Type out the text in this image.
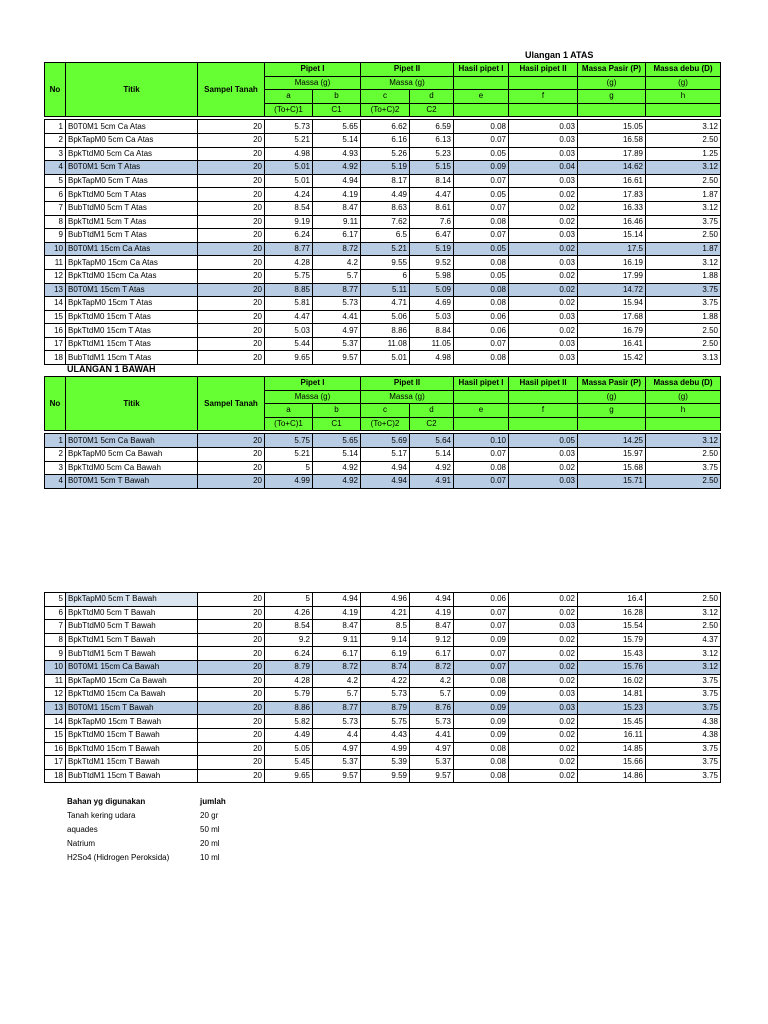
Ulangan 1 ATAS
No	Titik	Sampel Tanah	Pipet I		Pipet II		Hasil pipet I	Hasil pipet II	Massa Pasir (P)	Massa debu (D)
			Massa (g)		Massa (g)				(g)	(g)
			a	b	c	d	e	f	g	h
			(To+C)1	C1	(To+C)2	C2				

1	B0T0M1 5cm Ca Atas	20	5.73	5.65	6.62	6.59	0.08	0.03	15.05	3.12
2	BpkTapM0 5cm Ca Atas	20	5.21	5.14	6.16	6.13	0.07	0.03	16.58	2.50
3	BpkTtdM0 5cm Ca Atas	20	4.98	4.93	5.26	5.23	0.05	0.03	17.89	1.25
4	B0T0M1 5cm T Atas	20	5.01	4.92	5.19	5.15	0.09	0.04	14.62	3.12
5	BpkTapM0 5cm T Atas	20	5.01	4.94	8.17	8.14	0.07	0.03	16.61	2.50
6	BpkTtdM0 5cm T Atas	20	4.24	4.19	4.49	4.47	0.05	0.02	17.83	1.87
7	BubTtdM0 5cm T Atas	20	8.54	8.47	8.63	8.61	0.07	0.02	16.33	3.12
8	BpkTtdM1 5cm T Atas	20	9.19	9.11	7.62	7.6	0.08	0.02	16.46	3.75
9	BubTtdM1 5cm T Atas	20	6.24	6.17	6.5	6.47	0.07	0.03	15.14	2.50
10	B0T0M1 15cm Ca Atas	20	8.77	8.72	5.21	5.19	0.05	0.02	17.5	1.87
11	BpkTapM0 15cm Ca Atas	20	4.28	4.2	9.55	9.52	0.08	0.03	16.19	3.12
12	BpkTtdM0 15cm Ca Atas	20	5.75	5.7	6	5.98	0.05	0.02	17.99	1.88
13	B0T0M1 15cm T Atas	20	8.85	8.77	5.11	5.09	0.08	0.02	14.72	3.75
14	BpkTapM0 15cm T Atas	20	5.81	5.73	4.71	4.69	0.08	0.02	15.94	3.75
15	BpkTtdM0 15cm T Atas	20	4.47	4.41	5.06	5.03	0.06	0.03	17.68	1.88
16	BpkTtdM0 15cm T Atas	20	5.03	4.97	8.86	8.84	0.06	0.02	16.79	2.50
17	BpkTtdM1 15cm T Atas	20	5.44	5.37	11.08	11.05	0.07	0.03	16.41	2.50
18	BubTtdM1 15cm T Atas	20	9.65	9.57	5.01	4.98	0.08	0.03	15.42	3.13
ULANGAN 1 BAWAH
No	Titik	Sampel Tanah	Pipet I		Pipet II		Hasil pipet I	Hasil pipet II	Massa Pasir (P)	Massa debu (D)
			Massa (g)		Massa (g)				(g)	(g)
			a	b	c	d	e	f	g	h
			(To+C)1	C1	(To+C)2	C2				

1	B0T0M1 5cm Ca Bawah	20	5.75	5.65	5.69	5.64	0.10	0.05	14.25	3.12
2	BpkTapM0 5cm Ca Bawah	20	5.21	5.14	5.17	5.14	0.07	0.03	15.97	2.50
3	BpkTtdM0 5cm Ca Bawah	20	5	4.92	4.94	4.92	0.08	0.02	15.68	3.75
4	B0T0M1 5cm T Bawah	20	4.99	4.92	4.94	4.91	0.07	0.03	15.71	2.50
5	BpkTapM0 5cm T Bawah	20	5	4.94	4.96	4.94	0.06	0.02	16.4	2.50
6	BpkTtdM0 5cm T Bawah	20	4.26	4.19	4.21	4.19	0.07	0.02	16.28	3.12
7	BubTtdM0 5cm T Bawah	20	8.54	8.47	8.5	8.47	0.07	0.03	15.54	2.50
8	BpkTtdM1 5cm T Bawah	20	9.2	9.11	9.14	9.12	0.09	0.02	15.79	4.37
9	BubTtdM1 5cm T Bawah	20	6.24	6.17	6.19	6.17	0.07	0.02	15.43	3.12
10	B0T0M1 15cm Ca Bawah	20	8.79	8.72	8.74	8.72	0.07	0.02	15.76	3.12
11	BpkTapM0 15cm Ca Bawah	20	4.28	4.2	4.22	4.2	0.08	0.02	16.02	3.75
12	BpkTtdM0 15cm Ca Bawah	20	5.79	5.7	5.73	5.7	0.09	0.03	14.81	3.75
13	B0T0M1 15cm T Bawah	20	8.86	8.77	8.79	8.76	0.09	0.03	15.23	3.75
14	BpkTapM0 15cm T Bawah	20	5.82	5.73	5.75	5.73	0.09	0.02	15.45	4.38
15	BpkTtdM0 15cm T Bawah	20	4.49	4.4	4.43	4.41	0.09	0.02	16.11	4.38
16	BpkTtdM0 15cm T Bawah	20	5.05	4.97	4.99	4.97	0.08	0.02	14.85	3.75
17	BpkTtdM1 15cm T Bawah	20	5.45	5.37	5.39	5.37	0.08	0.02	15.66	3.75
18	BubTtdM1 15cm T Bawah	20	9.65	9.57	9.59	9.57	0.08	0.02	14.86	3.75
Bahan yg digunakan	jumlah
Tanah kering udara	20 gr
aquades	50 ml
Natrium	20 ml
H2So4 (Hidrogen Peroksida)	10 ml
